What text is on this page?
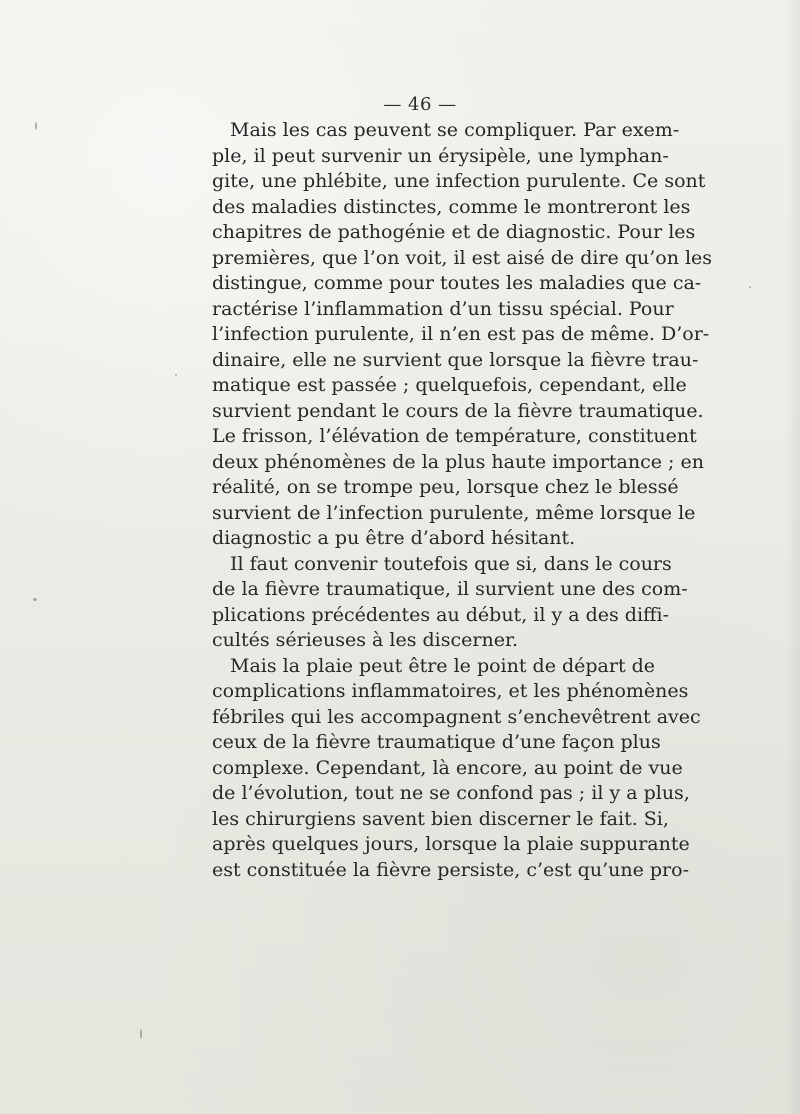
— 46 —
Mais les cas peuvent se compliquer. Par exem-
ple, il peut survenir un érysipèle, une lymphan-
gite, une phlébite, une infection purulente. Ce sont
des maladies distinctes, comme le montreront les
chapitres de pathogénie et de diagnostic. Pour les
premières, que l’on voit, il est aisé de dire qu’on les
distingue, comme pour toutes les maladies que ca-
ractérise l’inflammation d’un tissu spécial. Pour
l’infection purulente, il n’en est pas de même. D’or-
dinaire, elle ne survient que lorsque la fièvre trau-
matique est passée ; quelquefois, cependant, elle
survient pendant le cours de la fièvre traumatique.
Le frisson, l’élévation de température, constituent
deux phénomènes de la plus haute importance ; en
réalité, on se trompe peu, lorsque chez le blessé
survient de l’infection purulente, même lorsque le
diagnostic a pu être d’abord hésitant.
Il faut convenir toutefois que si, dans le cours
de la fièvre traumatique, il survient une des com-
plications précédentes au début, il y a des diffi-
cultés sérieuses à les discerner.
Mais la plaie peut être le point de départ de
complications inflammatoires, et les phénomènes
fébriles qui les accompagnent s’enchevêtrent avec
ceux de la fièvre traumatique d’une façon plus
complexe. Cependant, là encore, au point de vue
de l’évolution, tout ne se confond pas ; il y a plus,
les chirurgiens savent bien discerner le fait. Si,
après quelques jours, lorsque la plaie suppurante
est constituée la fièvre persiste, c’est qu’une pro-
